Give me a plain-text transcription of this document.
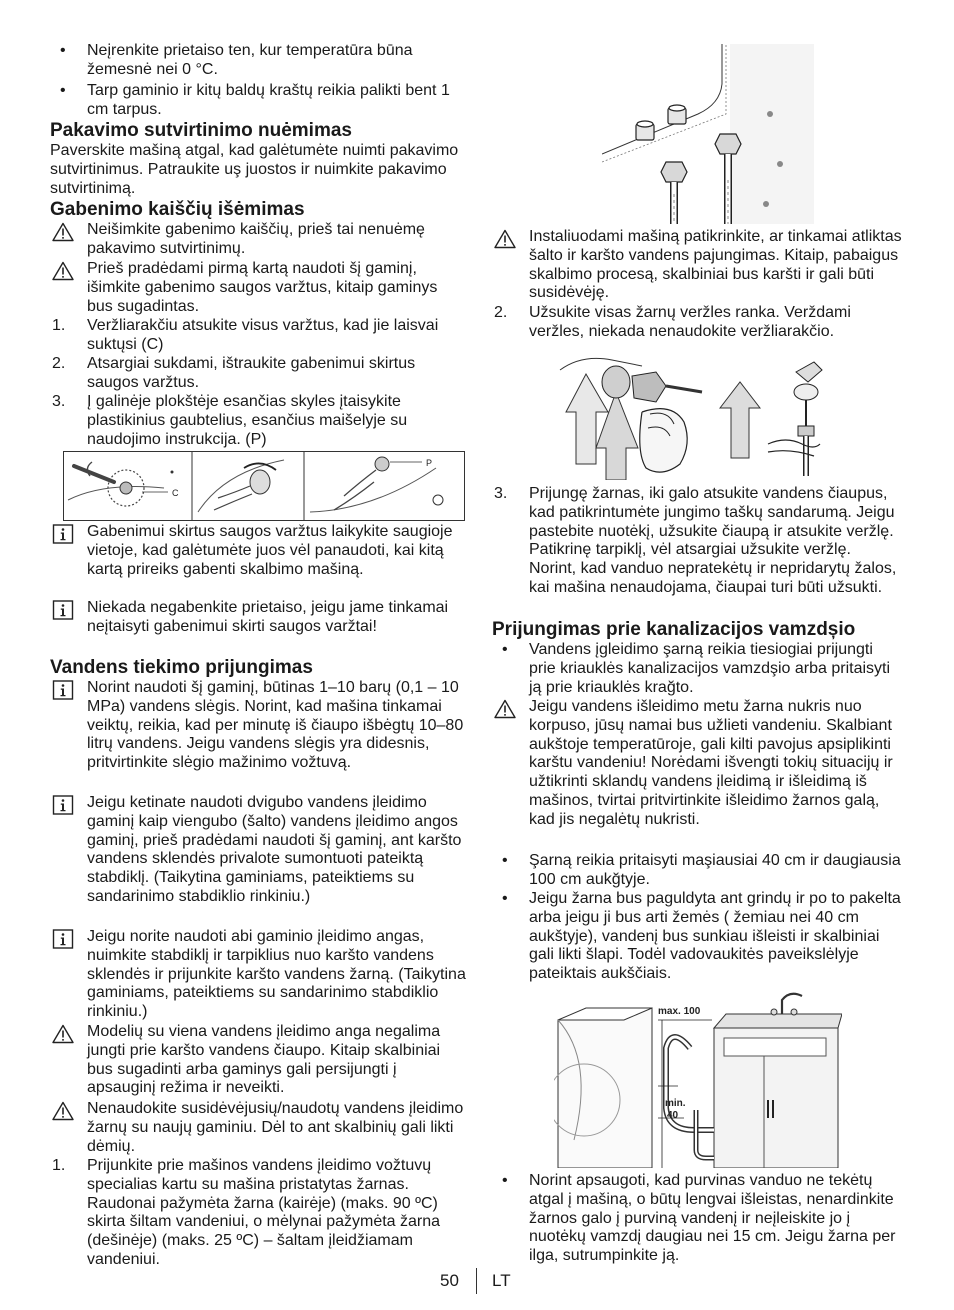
• Neįrenkite prietaiso ten, kur temperatūra būna žemesnė nei 0 °C.
• Tarp gaminio ir kitų baldų kraštų reikia palikti bent 1 cm tarpus.
Pakavimo sutvirtinimo nuėmimas

Paverskite mašiną atgal, kad galėtumėte nuimti pakavimo sutvirtinimus. Patraukite uş juostos ir nuimkite pakavimo sutvirtinimą.

Gabenimo kaiščių išėmimas
Neišimkite gabenimo kaiščių, prieš tai nenuėmę pakavimo sutvirtinimų.
Prieš pradėdami pirmą kartą naudoti šį gaminį, išimkite gabenimo saugos varžtus, kitaip gaminys bus sugadintas.
1. Veržliarakčiu atsukite visus varžtus, kad jie laisvai suktųsi (C)
2. Atsargiai sukdami, ištraukite gabenimui skirtus saugos varžtus.
3. Į galinėje plokštėje esančias skyles įtaisykite plastikinius gaubtelius, esančius maišelyje su naudojimo instrukcija. (P)
C
P
Gabenimui skirtus saugos varžtus laikykite saugioje vietoje, kad galėtumėte juos vėl panaudoti, kai kitą kartą prireiks gabenti skalbimo mašiną.
Niekada negabenkite prietaiso, jeigu jame tinkamai neįtaisyti gabenimui skirti saugos varžtai!
Vandens tiekimo prijungimas
Norint naudoti šį gaminį, būtinas 1–10 barų (0,1 – 10 MPa) vandens slėgis. Norint, kad mašina tinkamai veiktų, reikia, kad per minutę iš čiaupo išbėgtų 10–80 litrų vandens. Jeigu vandens slėgis yra didesnis, pritvirtinkite slėgio mažinimo vožtuvą.
Jeigu ketinate naudoti dvigubo vandens įleidimo gaminį kaip viengubo (šalto) vandens įleidimo angos gaminį, prieš pradėdami naudoti šį gaminį, ant karšto vandens sklendės privalote sumontuoti pateiktą stabdiklį. (Taikytina gaminiams, pateiktiems su sandarinimo stabdiklio rinkiniu.)
Jeigu norite naudoti abi gaminio įleidimo angas, nuimkite stabdiklį ir tarpiklius nuo karšto vandens sklendės ir prijunkite karšto vandens žarną. (Taikytina gaminiams, pateiktiems su sandarinimo stabdiklio rinkiniu.)
Modelių su viena vandens įleidimo anga negalima jungti prie karšto vandens čiaupo. Kitaip skalbiniai bus sugadinti arba gaminys gali persijungti į apsauginį režima ir neveikti.
Nenaudokite susidėvėjusių/naudotų vandens įleidimo žarnų su naujų gaminiu. Dėl to ant skalbinių gali likti dėmių.
1. Prijunkite prie mašinos vandens įleidimo vožtuvų specialias kartu su mašina pristatytas žarnas. Raudonai pažymėta žarna (kairėje) (maks. 90 ºC) skirta šiltam vandeniui, o mėlynai pažymėta žarna (dešinėje) (maks. 25 ºC) – šaltam įleidžiamam vandeniui.
Instaliuodami mašiną patikrinkite, ar tinkamai atliktas šalto ir karšto vandens pajungimas. Kitaip, pabaigus skalbimo procesą, skalbiniai bus karšti ir gali būti susidėvėję.
2. Užsukite visas žarnų veržles ranka. Verždami veržles, niekada nenaudokite veržliarakčio.
3. Prijungę žarnas, iki galo atsukite vandens čiaupus, kad patikrintumėte jungimo taškų sandarumą. Jeigu pastebite nuotėkį, užsukite čiaupą ir atsukite veržlę. Patikrinę tarpiklį, vėl atsargiai užsukite veržlę. Norint, kad vanduo nepratekėtų ir nepridarytų žalos, kai mašina nenaudojama, čiaupai turi būti užsukti.
Prijungimas prie kanalizacijos vamzdșio
• Vandens įgleidimo şarną reikia tiesiogiai prijungti prie kriauklės kanalizacijos vamzdşio arba pritaisyti ją prie kriauklės krağto.
Jeigu vandens išleidimo metu žarna nukris nuo korpuso, jūsų namai bus užlieti vandeniu. Skalbiant aukštoje temperatūroje, gali kilti pavojus apsiplikinti karštu vandeniu! Norėdami išvengti tokių situacijų ir užtikrinti sklandų vandens įleidimą ir išleidimą iš mašinos, tvirtai pritvirtinkite išleidimo žarnos galą, kad jis negalėtų nukristi.
• Şarną reikia pritaisyti maşiausiai 40 cm ir daugiausia 100 cm aukğtyje.
• Jeigu žarna bus paguldyta ant grindų ir po to pakelta arba jeigu ji bus arti žemės ( žemiau nei 40 cm aukštyje), vandenį bus sunkiau išleisti ir skalbiniai gali likti šlapi. Todėl vadovaukitės paveikslėlyje pateiktais aukščiais.
max. 100
min.
40
• Norint apsaugoti, kad purvinas vanduo ne tekėtų atgal į mašiną, o būtų lengvai išleistas, nenardinkite žarnos galo į purviną vandenį ir neįleiskite jo į nuotėkų vamzdį daugiau nei 15 cm. Jeigu žarna per ilga, sutrumpinkite ją.
50 LT
